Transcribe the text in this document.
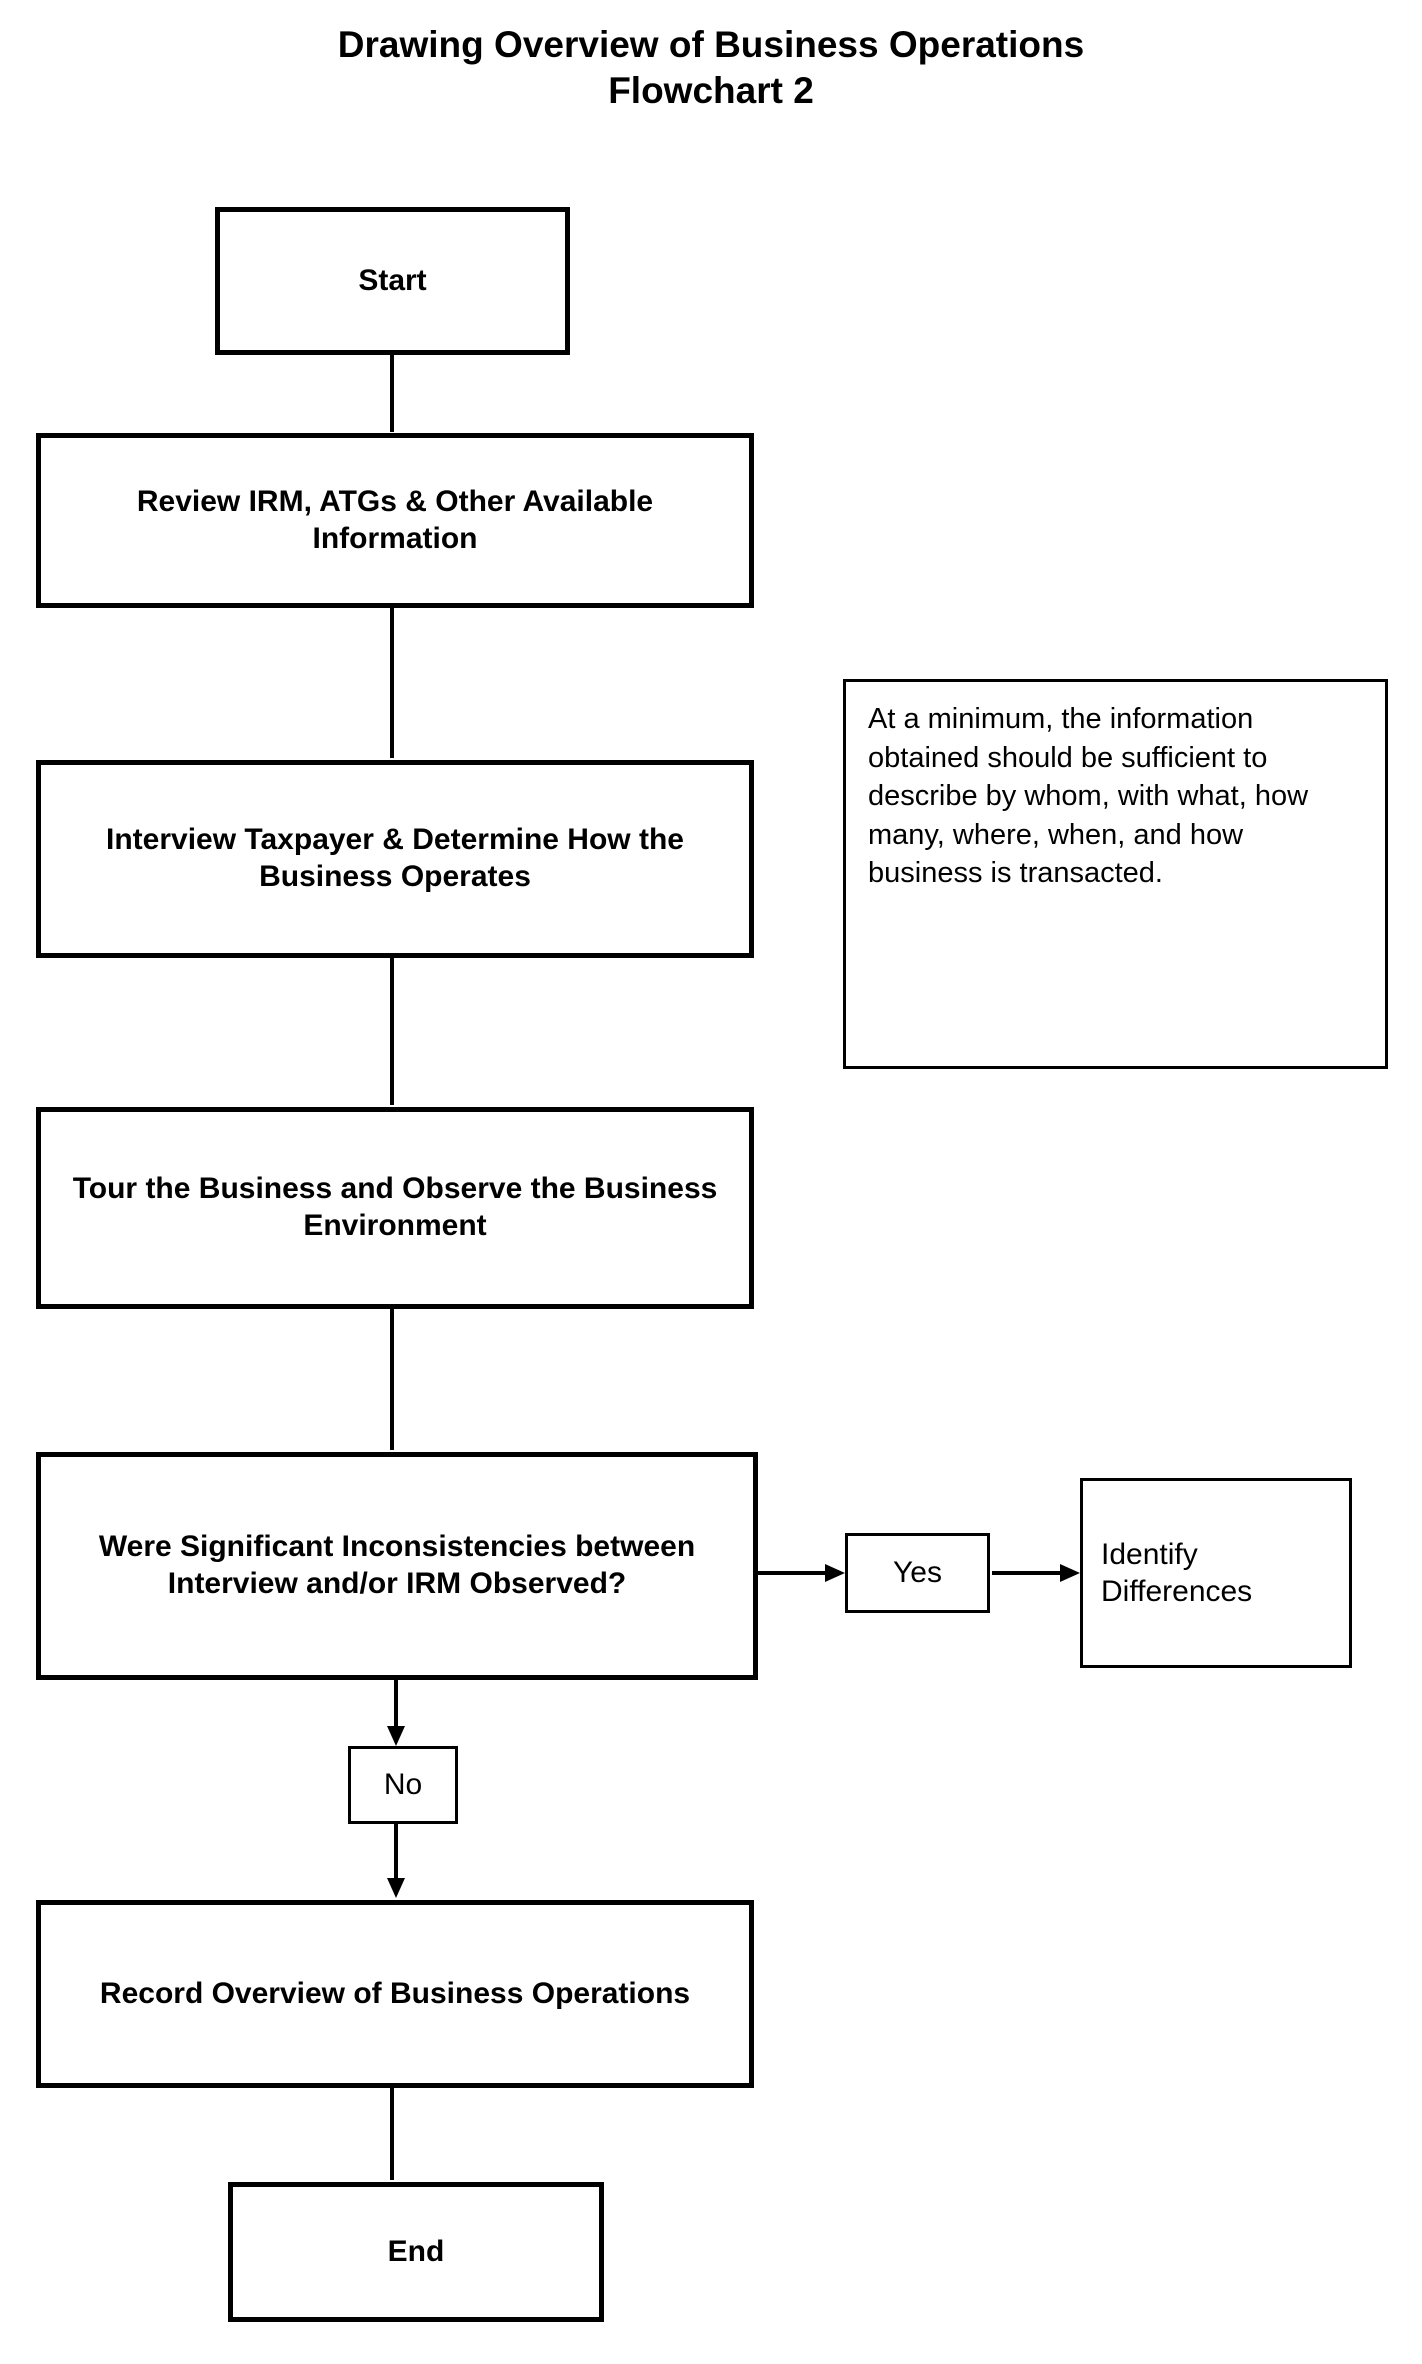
Drawing Overview of Business Operations
Flowchart 2
Start
Review IRM, ATGs & Other Available Information
Interview Taxpayer & Determine How the Business Operates
Tour the Business and Observe the Business Environment
Were Significant Inconsistencies between Interview and/or IRM Observed?	Yes
Identify Differences
No
Record Overview of Business Operations
End
At a minimum, the information obtained should be sufficient to describe by whom, with what, how many, where, when, and how business is transacted.
